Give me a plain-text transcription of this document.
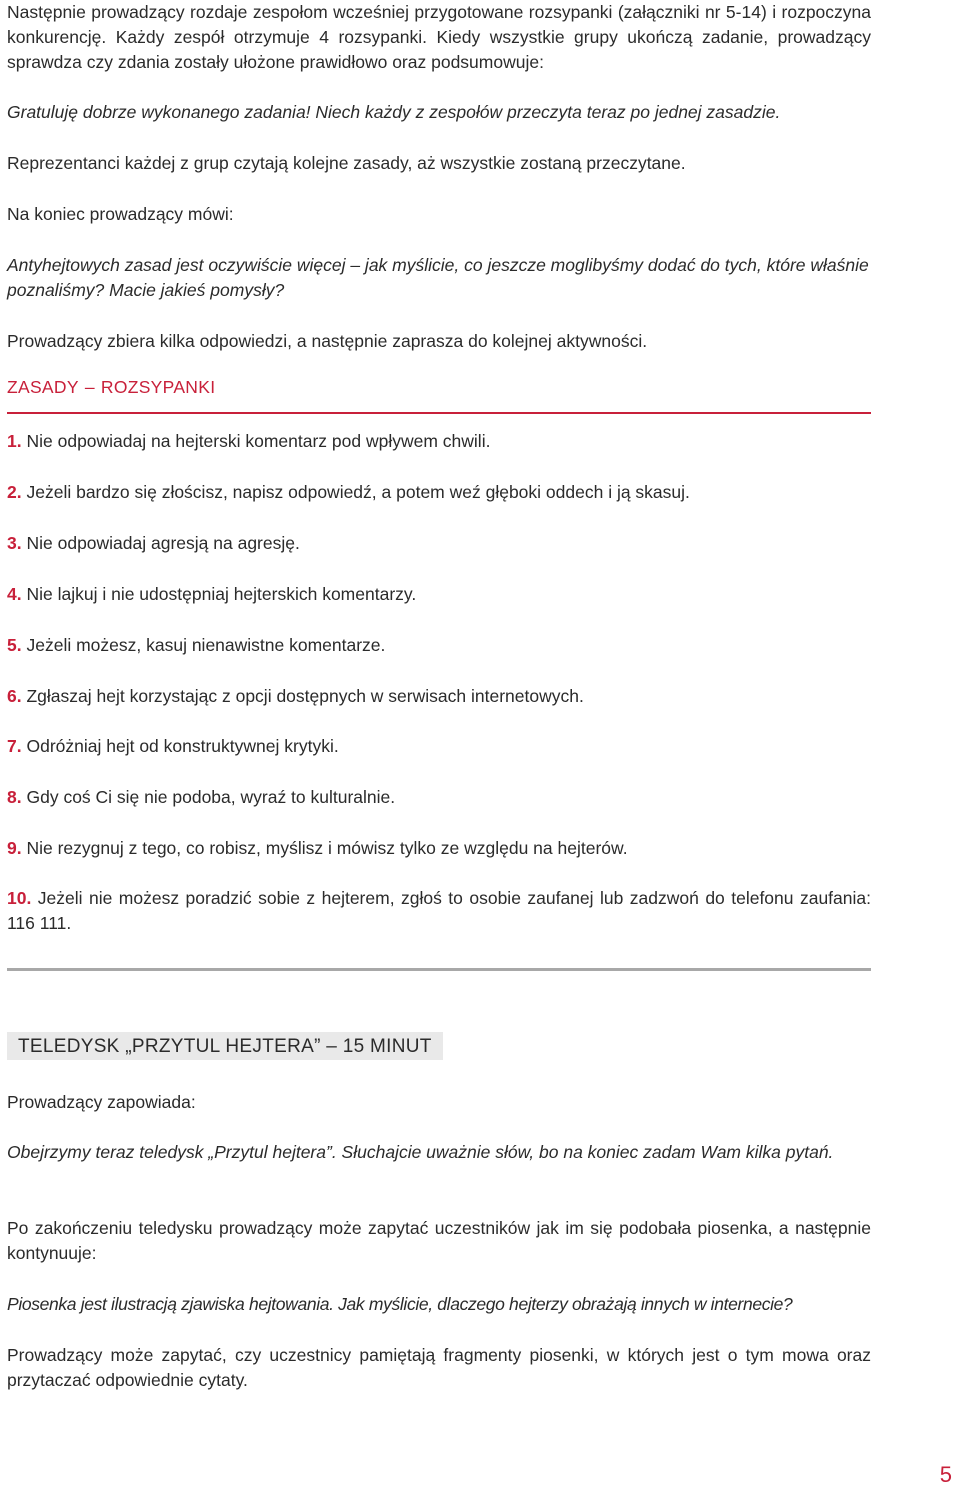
Następnie prowadzący rozdaje zespołom wcześniej przygotowane rozsypanki (załączniki nr 5-14) i rozpoczyna konkurencję. Każdy zespół otrzymuje 4 rozsypanki. Kiedy wszystkie grupy ukończą zadanie, prowadzący sprawdza czy zdania zostały ułożone prawidłowo oraz podsumowuje:

Gratuluję dobrze wykonanego zadania! Niech każdy z zespołów przeczyta teraz po jednej zasadzie.

Reprezentanci każdej z grup czytają kolejne zasady, aż wszystkie zostaną przeczytane.

Na koniec prowadzący mówi:

Antyhejtowych zasad jest oczywiście więcej – jak myślicie, co jeszcze moglibyśmy dodać do tych, które właśnie poznaliśmy? Macie jakieś pomysły?

Prowadzący zbiera kilka odpowiedzi, a następnie zaprasza do kolejnej aktywności.

ZASADY – ROZSYPANKI
1. Nie odpowiadaj na hejterski komentarz pod wpływem chwili.
2. Jeżeli bardzo się złościsz, napisz odpowiedź, a potem weź głęboki oddech i ją skasuj.
3. Nie odpowiadaj agresją na agresję.
4. Nie lajkuj i nie udostępniaj hejterskich komentarzy.
5. Jeżeli możesz, kasuj nienawistne komentarze.
6. Zgłaszaj hejt korzystając z opcji dostępnych w serwisach internetowych.
7. Odróżniaj hejt od konstruktywnej krytyki.
8. Gdy coś Ci się nie podoba, wyraź to kulturalnie.
9. Nie rezygnuj z tego, co robisz, myślisz i mówisz tylko ze względu na hejterów.
10. Jeżeli nie możesz poradzić sobie z hejterem, zgłoś to osobie zaufanej lub zadzwoń do telefonu zaufania: 116 111.
TELEDYSK „PRZYTUL HEJTERA” – 15 MINUT

Prowadzący zapowiada:

Obejrzymy teraz teledysk „Przytul hejtera”. Słuchajcie uważnie słów, bo na koniec zadam Wam kilka pytań.

Po zakończeniu teledysku prowadzący może zapytać uczestników jak im się podobała piosenka, a następnie kontynuuje:

Piosenka jest ilustracją zjawiska hejtowania. Jak myślicie, dlaczego hejterzy obrażają innych w internecie?

Prowadzący może zapytać, czy uczestnicy pamiętają fragmenty piosenki, w których jest o tym mowa oraz przytaczać odpowiednie cytaty.

5
